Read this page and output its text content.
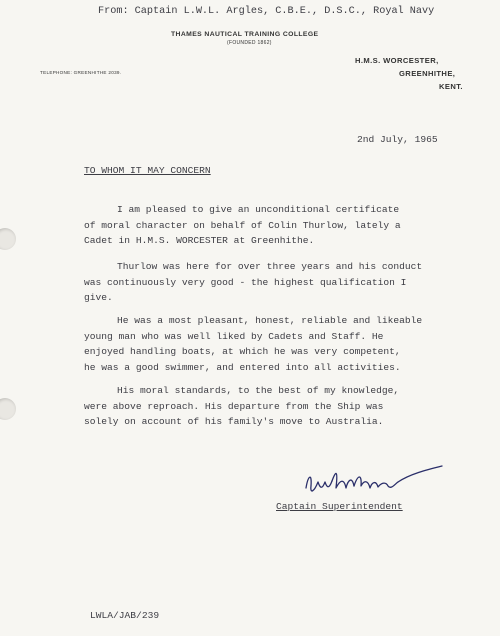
From: Captain L.W.L. Argles, C.B.E., D.S.C., Royal Navy
THAMES NAUTICAL TRAINING COLLEGE
(FOUNDED 1862)
H.M.S. WORCESTER,
GREENHITHE,
KENT.
TELEPHONE: GREENHITHE 2039.
2nd July, 1965
TO WHOM IT MAY CONCERN
I am pleased to give an unconditional certificate
of moral character on behalf of Colin Thurlow, lately a
Cadet in H.M.S. WORCESTER at Greenhithe.
Thurlow was here for over three years and his conduct
was continuously very good - the highest qualification I
give.
He was a most pleasant, honest, reliable and likeable
young man who was well liked by Cadets and Staff. He
enjoyed handling boats, at which he was very competent,
he was a good swimmer, and entered into all activities.
His moral standards, to the best of my knowledge,
were above reproach. His departure from the Ship was
solely on account of his family's move to Australia.
Captain Superintendent
LWLA/JAB/239
